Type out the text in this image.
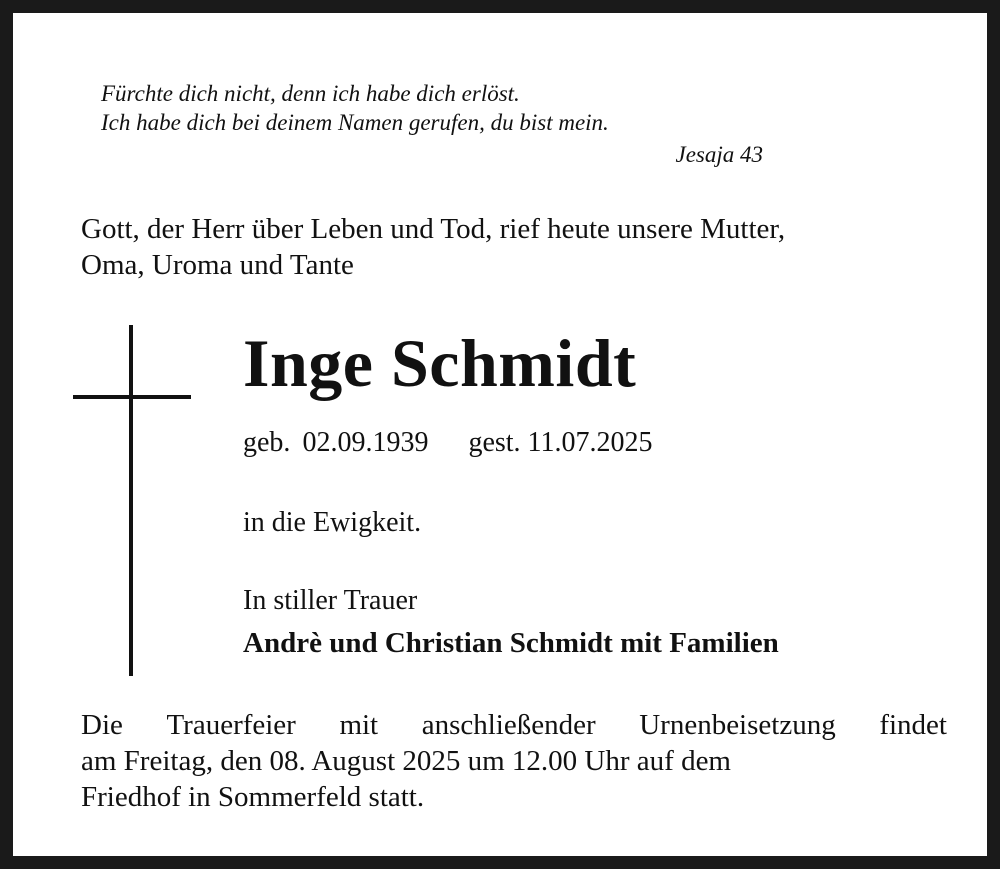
Fürchte dich nicht, denn ich habe dich erlöst.
Ich habe dich bei deinem Namen gerufen, du bist mein.
Jesaja 43
Gott, der Herr über Leben und Tod, rief heute unsere Mutter,
Oma, Uroma und Tante
Inge Schmidt
geb. 02.09.1939 gest. 11.07.2025
in die Ewigkeit.
In stiller Trauer
Andrè und Christian Schmidt mit Familien
Die Trauerfeier mit anschließender Urnenbeisetzung findet
am Freitag, den 08. August 2025 um 12.00 Uhr auf dem
Friedhof in Sommerfeld statt.
